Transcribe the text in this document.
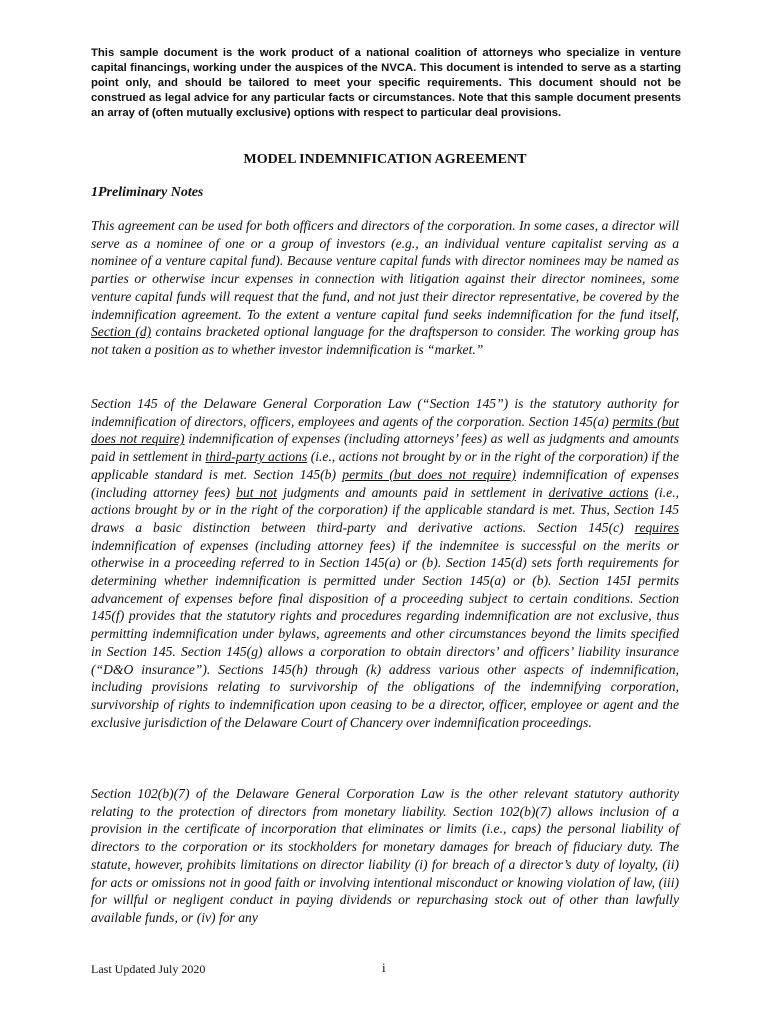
This sample document is the work product of a national coalition of attorneys who specialize in venture capital financings, working under the auspices of the NVCA. This document is intended to serve as a starting point only, and should be tailored to meet your specific requirements. This document should not be construed as legal advice for any particular facts or circumstances. Note that this sample document presents an array of (often mutually exclusive) options with respect to particular deal provisions.
MODEL INDEMNIFICATION AGREEMENT
1Preliminary Notes
This agreement can be used for both officers and directors of the corporation. In some cases, a director will serve as a nominee of one or a group of investors (e.g., an individual venture capitalist serving as a nominee of a venture capital fund). Because venture capital funds with director nominees may be named as parties or otherwise incur expenses in connection with litigation against their director nominees, some venture capital funds will request that the fund, and not just their director representative, be covered by the indemnification agreement. To the extent a venture capital fund seeks indemnification for the fund itself, Section (d) contains bracketed optional language for the draftsperson to consider. The working group has not taken a position as to whether investor indemnification is “market.”
Section 145 of the Delaware General Corporation Law (“Section 145”) is the statutory authority for indemnification of directors, officers, employees and agents of the corporation. Section 145(a) permits (but does not require) indemnification of expenses (including attorneys’ fees) as well as judgments and amounts paid in settlement in third-party actions (i.e., actions not brought by or in the right of the corporation) if the applicable standard is met. Section 145(b) permits (but does not require) indemnification of expenses (including attorney fees) but not judgments and amounts paid in settlement in derivative actions (i.e., actions brought by or in the right of the corporation) if the applicable standard is met. Thus, Section 145 draws a basic distinction between third-party and derivative actions. Section 145(c) requires indemnification of expenses (including attorney fees) if the indemnitee is successful on the merits or otherwise in a proceeding referred to in Section 145(a) or (b). Section 145(d) sets forth requirements for determining whether indemnification is permitted under Section 145(a) or (b). Section 145I permits advancement of expenses before final disposition of a proceeding subject to certain conditions. Section 145(f) provides that the statutory rights and procedures regarding indemnification are not exclusive, thus permitting indemnification under bylaws, agreements and other circumstances beyond the limits specified in Section 145. Section 145(g) allows a corporation to obtain directors’ and officers’ liability insurance (“D&O insurance”). Sections 145(h) through (k) address various other aspects of indemnification, including provisions relating to survivorship of the obligations of the indemnifying corporation, survivorship of rights to indemnification upon ceasing to be a director, officer, employee or agent and the exclusive jurisdiction of the Delaware Court of Chancery over indemnification proceedings.
Section 102(b)(7) of the Delaware General Corporation Law is the other relevant statutory authority relating to the protection of directors from monetary liability. Section 102(b)(7) allows inclusion of a provision in the certificate of incorporation that eliminates or limits (i.e., caps) the personal liability of directors to the corporation or its stockholders for monetary damages for breach of fiduciary duty. The statute, however, prohibits limitations on director liability (i) for breach of a director’s duty of loyalty, (ii) for acts or omissions not in good faith or involving intentional misconduct or knowing violation of law, (iii) for willful or negligent conduct in paying dividends or repurchasing stock out of other than lawfully available funds, or (iv) for any
Last Updated July 2020	i
